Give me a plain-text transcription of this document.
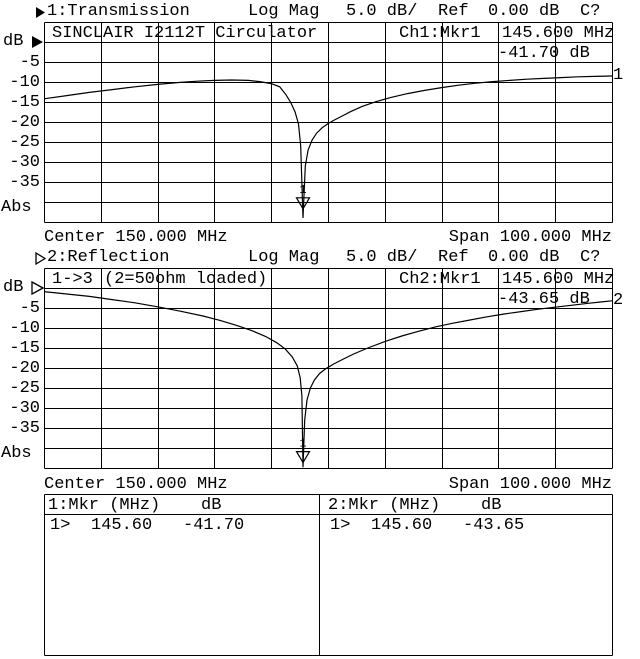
1
1
1:Transmission	Log Mag 5.0 dB/ Ref 0.00 dB C?
SINCLAIR I2112T Circulator	Ch1:Mkr1 145.600 MHz
-41.70 dB
dB
Abs
1
Center 150.000 MHz	Span 100.000 MHz
2:Reflection	Log Mag 5.0 dB/ Ref 0.00 dB C?
1->3 (2=50ohm loaded)	Ch2:Mkr1 145.600 MHz
-43.65 dB
dB
Abs
2
Center 150.000 MHz	Span 100.000 MHz
1:Mkr (MHz) dB	2:Mkr (MHz) dB
1> 145.60 -41.70	1> 145.60 -43.65
-5
-10
-15
-20
-25
-30
-35
-5
-10
-15
-20
-25
-30
-35
